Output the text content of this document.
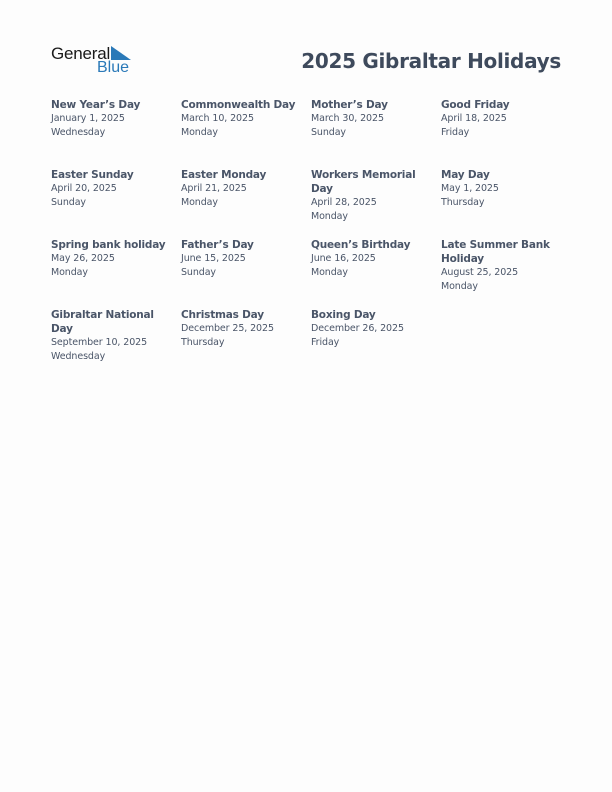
General
Blue	2025 Gibraltar Holidays
New Year’s Day
January 1, 2025
Wednesday
Commonwealth Day
March 10, 2025
Monday
Mother’s Day
March 30, 2025
Sunday
Good Friday
April 18, 2025
Friday
Easter Sunday
April 20, 2025
Sunday
Easter Monday
April 21, 2025
Monday
Workers Memorial Day
April 28, 2025
Monday
May Day
May 1, 2025
Thursday
Spring bank holiday
May 26, 2025
Monday
Father’s Day
June 15, 2025
Sunday
Queen’s Birthday
June 16, 2025
Monday
Late Summer Bank Holiday
August 25, 2025
Monday
Gibraltar National Day
September 10, 2025
Wednesday
Christmas Day
December 25, 2025
Thursday
Boxing Day
December 26, 2025
Friday
